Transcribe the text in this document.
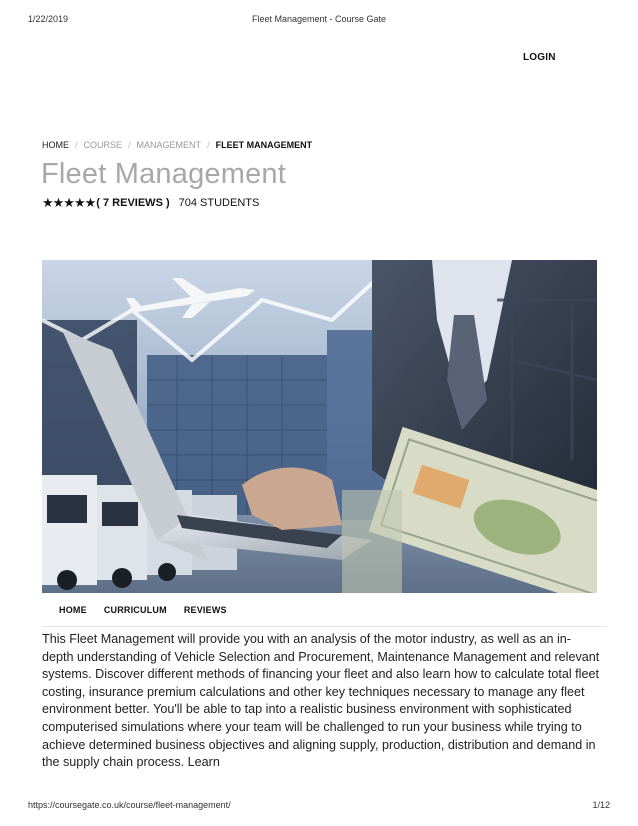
1/22/2019	Fleet Management - Course Gate
LOGIN
HOME / COURSE / MANAGEMENT / FLEET MANAGEMENT
Fleet Management
★★★★★ ( 7 REVIEWS ) 704 STUDENTS
HOME CURRICULUM REVIEWS

This Fleet Management will provide you with an analysis of the motor industry, as well as an in-depth understanding of Vehicle Selection and Procurement, Maintenance Management and relevant systems. Discover different methods of financing your fleet and also learn how to calculate total fleet costing, insurance premium calculations and other key techniques necessary to manage any fleet environment better. You'll be able to tap into a realistic business environment with sophisticated computerised simulations where your team will be challenged to run your business while trying to achieve determined business objectives and aligning supply, production, distribution and demand in the supply chain process. Learn

https://coursegate.co.uk/course/fleet-management/	1/12
